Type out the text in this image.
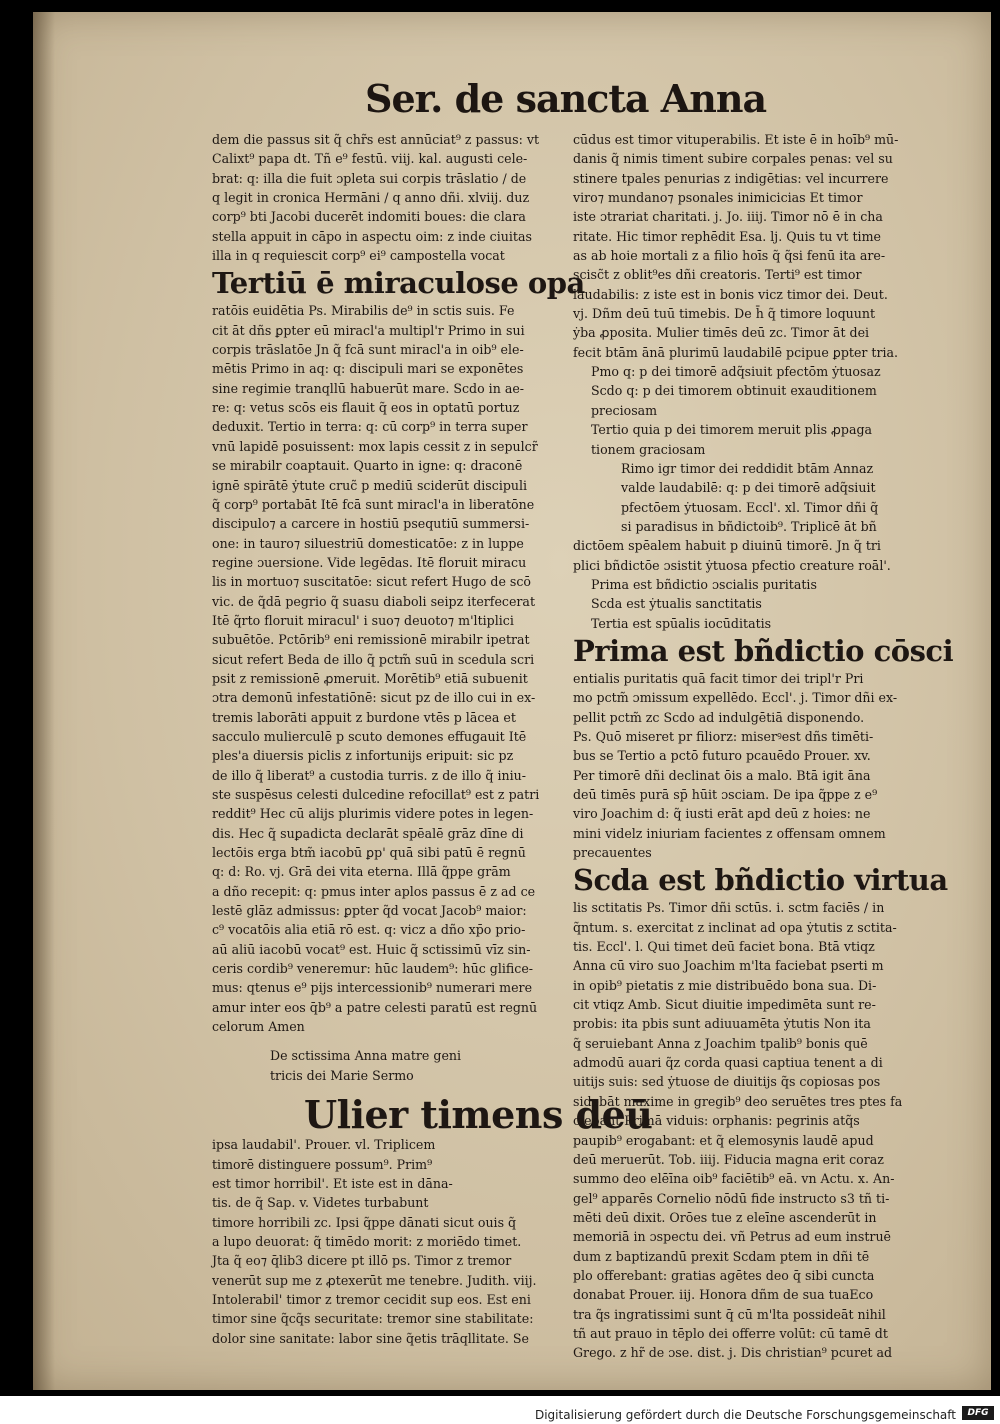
Ser. de sancta Anna
dem die passus sit q̃ chr̃s est annūciat⁹ z passus: vt
Calixt⁹ papa dt. Tñ e⁹ festū. viij. kal. augusti cele-
brat: q: illa die fuit ɔpleta sui corpis trāslatio / de
q legit in cronica Hermāni / q anno dñi. xlviij. duz
corp⁹ bti Jacobi ducerēt indomiti boues: die clara
stella appuit in cāpo in aspectu oim: z inde ciuitas
illa in q requiescit corp⁹ ei⁹ campostella vocat
Tertiū ē miraculose opa
ratōis euidētia Ps. Mirabilis de⁹ in sctis suis. Fe
cit āt dñs ꝑpter eū miracl'a multipl'r Primo in sui
corpis trāslatōe Jn q̃ fcā sunt miracl'a in oib⁹ ele-
mētis Primo in aq: q: discipuli mari se exponētes
sine regimie tranqllū habuerūt mare. Scdo in ae-
re: q: vetus scōs eis flauit q̃ eos in optatū portuz
deduxit. Tertio in terra: q: cū corp⁹ in terra super
vnū lapidē posuissent: mox lapis cessit z in sepulcr̃
se mirabilr coaptauit. Quarto in igne: q: draconē
ignē spirātē ẏtute cruc̃ p mediū sciderūt discipuli
q̃ corp⁹ portabāt Itē fcā sunt miracl'a in liberatōne
discipulo⁊ a carcere in hostiū psequtiū summersi-
one: in tauro⁊ siluestriū domesticatōe: z in luppe
regine ɔuersione. Vide legēdas. Itē floruit miracu
lis in mortuo⁊ suscitatōe: sicut refert Hugo de scō
vic. de q̃dā pegrio q̃ suasu diaboli seipz iterfecerat
Itē q̃rto floruit miracul' i suo⁊ deuoto⁊ m'ltiplici
subuētōe. Pctōrib⁹ eni remissionē mirabilr ipetrat
sicut refert Beda de illo q̃ pctm̃ suū in scedula scri
psit z remissionē ꝓmeruit. Morētib⁹ etiā subuenit
ɔtra demonū infestatiōnē: sicut pz de illo cui in ex-
tremis laborāti appuit z burdone vtēs p lācea et
sacculo mulierculē p scuto demones effugauit Itē
ples'a diuersis piclis z infortunijs eripuit: sic pz
de illo q̃ liberat⁹ a custodia turris. z de illo q̃ iniu-
ste suspēsus celesti dulcedine refocillat⁹ est z patri
reddit⁹ Hec cū alijs plurimis videre potes in legen-
dis. Hec q̃ suꝑadicta declarāt spēalē grāz dīne di
lectōis erga btm̃ iacobū ꝑp' quā sibi patū ē regnū
q: d: Ro. vj. Grā dei vita eterna. Illā q̃ppe grām
a dño recepit: q: pmus inter aplos passus ē z ad ce
lestē glāz admissus: ꝑpter q̃d vocat Jacob⁹ maior:
c⁹ vocatōis alia etiā rō est. q: vicz a dño xp̄o prio-
aū aliū iacobū vocat⁹ est. Huic q̃ sctissimū vīz sin-
ceris cordib⁹ veneremur: hūc laudem⁹: hūc glifice-
mus: qtenus e⁹ pijs intercessionib⁹ numerari mere
amur inter eos q̄b⁹ a patre celesti paratū est regnū
celorum Amen
De sctissima Anna matre geni
tricis dei Marie Sermo
Ulier timens deū
ipsa laudabil'. Prouer. vl. Triplicem
timorē distinguere possum⁹. Prim⁹
est timor horribil'. Et iste est in dāna-
tis. de q̃ Sap. v. Videtes turbabunt
timore horribili zc. Ipsi q̃ppe dānati sicut ouis q̃
a lupo deuorat: q̃ timēdo morit: z moriēdo timet.
Jta q̃ eo⁊ q̄lib3 dicere pt illō ps. Timor z tremor
venerūt sup me z ꝓtexerūt me tenebre. Judith. viij.
Intolerabil' timor z tremor cecidit sup eos. Est eni
timor sine q̃cq̃s securitate: tremor sine stabilitate:
dolor sine sanitate: labor sine q̃etis trāqllitate. Se
cūdus est timor vituperabilis. Et iste ē in hoīb⁹ mū-
danis q̃ nimis timent subire corpales penas: vel su
stinere tpales penurias z indigētias: vel incurrere
viro⁊ mundano⁊ psonales inimicicias Et timor
iste ɔtrariat charitati. j. Jo. iiij. Timor nō ē in cha
ritate. Hic timor rephēdit Esa. lj. Quis tu vt time
as ab hoie mortali z a filio hoīs q̃ q̃si fenū ita are-
scisc̃t z oblit⁹es dñi creatoris. Terti⁹ est timor
laudabilis: z iste est in bonis vicz timor dei. Deut.
vj. Dñm deū tuū timebis. De h̄ q̃ timore loquunt
ẏba ꝓposita. Mulier timēs deū zc. Timor āt dei
fecit btām ānā plurimū laudabilē pcipue ꝑpter tria.
Pmo q: p dei timorē adq̃siuit pfectōm ẏtuosaz
Scdo q: p dei timorem obtinuit exauditionem
preciosam
Tertio quia p dei timorem meruit plis ꝓpaga
tionem graciosam
Rimo igr timor dei reddidit btām Annaz
valde laudabilē: q: p dei timorē adq̃siuit
pfectōem ẏtuosam. Eccl'. xl. Timor dñi q̃
si paradisus in bñdictoib⁹. Triplicē āt bñ
dictōem spēalem habuit p diuinū timorē. Jn q̃ tri
plici bñdictōe ɔsistit ẏtuosa pfectio creature roāl'.
Prima est bñdictio ɔscialis puritatis
Scda est ẏtualis sanctitatis
Tertia est spūalis iocūditatis
Prima est bñdictio cōsci
entialis puritatis quā facit timor dei tripl'r Pri
mo pctm̃ ɔmissum expellēdo. Eccl'. j. Timor dñi ex-
pellit pctm̃ zc Scdo ad indulgētiā disponendo.
Ps. Quō miseret pr filiorz: miserꝰest dñs timēti-
bus se Tertio a pctō futuro pcauēdo Prouer. xv.
Per timorē dñi declinat ōis a malo. Btā igit āna
deū timēs purā sp̄ hūit ɔsciam. De ipa q̃ppe z e⁹
viro Joachim d: q̃ iusti erāt apd deū z hoies: ne
mini videlz iniuriam facientes z offensam omnem
precauentes
Scda est bñdictio virtua
lis sctitatis Ps. Timor dñi sctūs. i. sctm faciēs / in
q̃ntum. s. exercitat z inclinat ad opa ẏtutis z sctita-
tis. Eccl'. l. Qui timet deū faciet bona. Btā vtiqz
Anna cū viro suo Joachim m'lta faciebat pserti m
in opib⁹ pietatis z mie distribuēdo bona sua. Di-
cit vtiqz Amb. Sicut diuitie impedimēta sunt re-
probis: ita pbis sunt adiuuamēta ẏtutis Non ita
q̃ seruiebant Anna z Joachim tpalib⁹ bonis quē
admodū auari q̃z corda quasi captiua tenent a di
uitijs suis: sed ẏtuose de diuitijs q̃s copiosas pos
sidebāt maxime in gregib⁹ deo seruētes tres ptes fa
ciebant Primā viduis: orphanis: pegrinis atq̃s
paupib⁹ erogabant: et q̃ elemosynis laudē apud
deū meruerūt. Tob. iiij. Fiducia magna erit coraz
summo deo elēīna oib⁹ faciētib⁹ eā. vn Actu. x. An-
gel⁹ apparēs Cornelio nōdū fide instructo s3 tñ ti-
mēti deū dixit. Orōes tue z eleīne ascenderūt in
memoriā in ɔspectu dei. vñ Petrus ad eum instruē
dum z baptizandū prexit Scdam ptem in dñi tē
plo offerebant: gratias agētes deo q̄ sibi cuncta
donabat Prouer. iij. Honora dñm de sua tuaEco
tra q̃s ingratissimi sunt q̄ cū m'lta possideāt nihil
tñ aut prauo in tēplo dei offerre volūt: cū tamē dt
Grego. z hr̃ de ɔse. dist. j. Dis christian⁹ pcuret ad
Digitalisierung gefördert durch die Deutsche Forschungsgemeinschaft	DFG
